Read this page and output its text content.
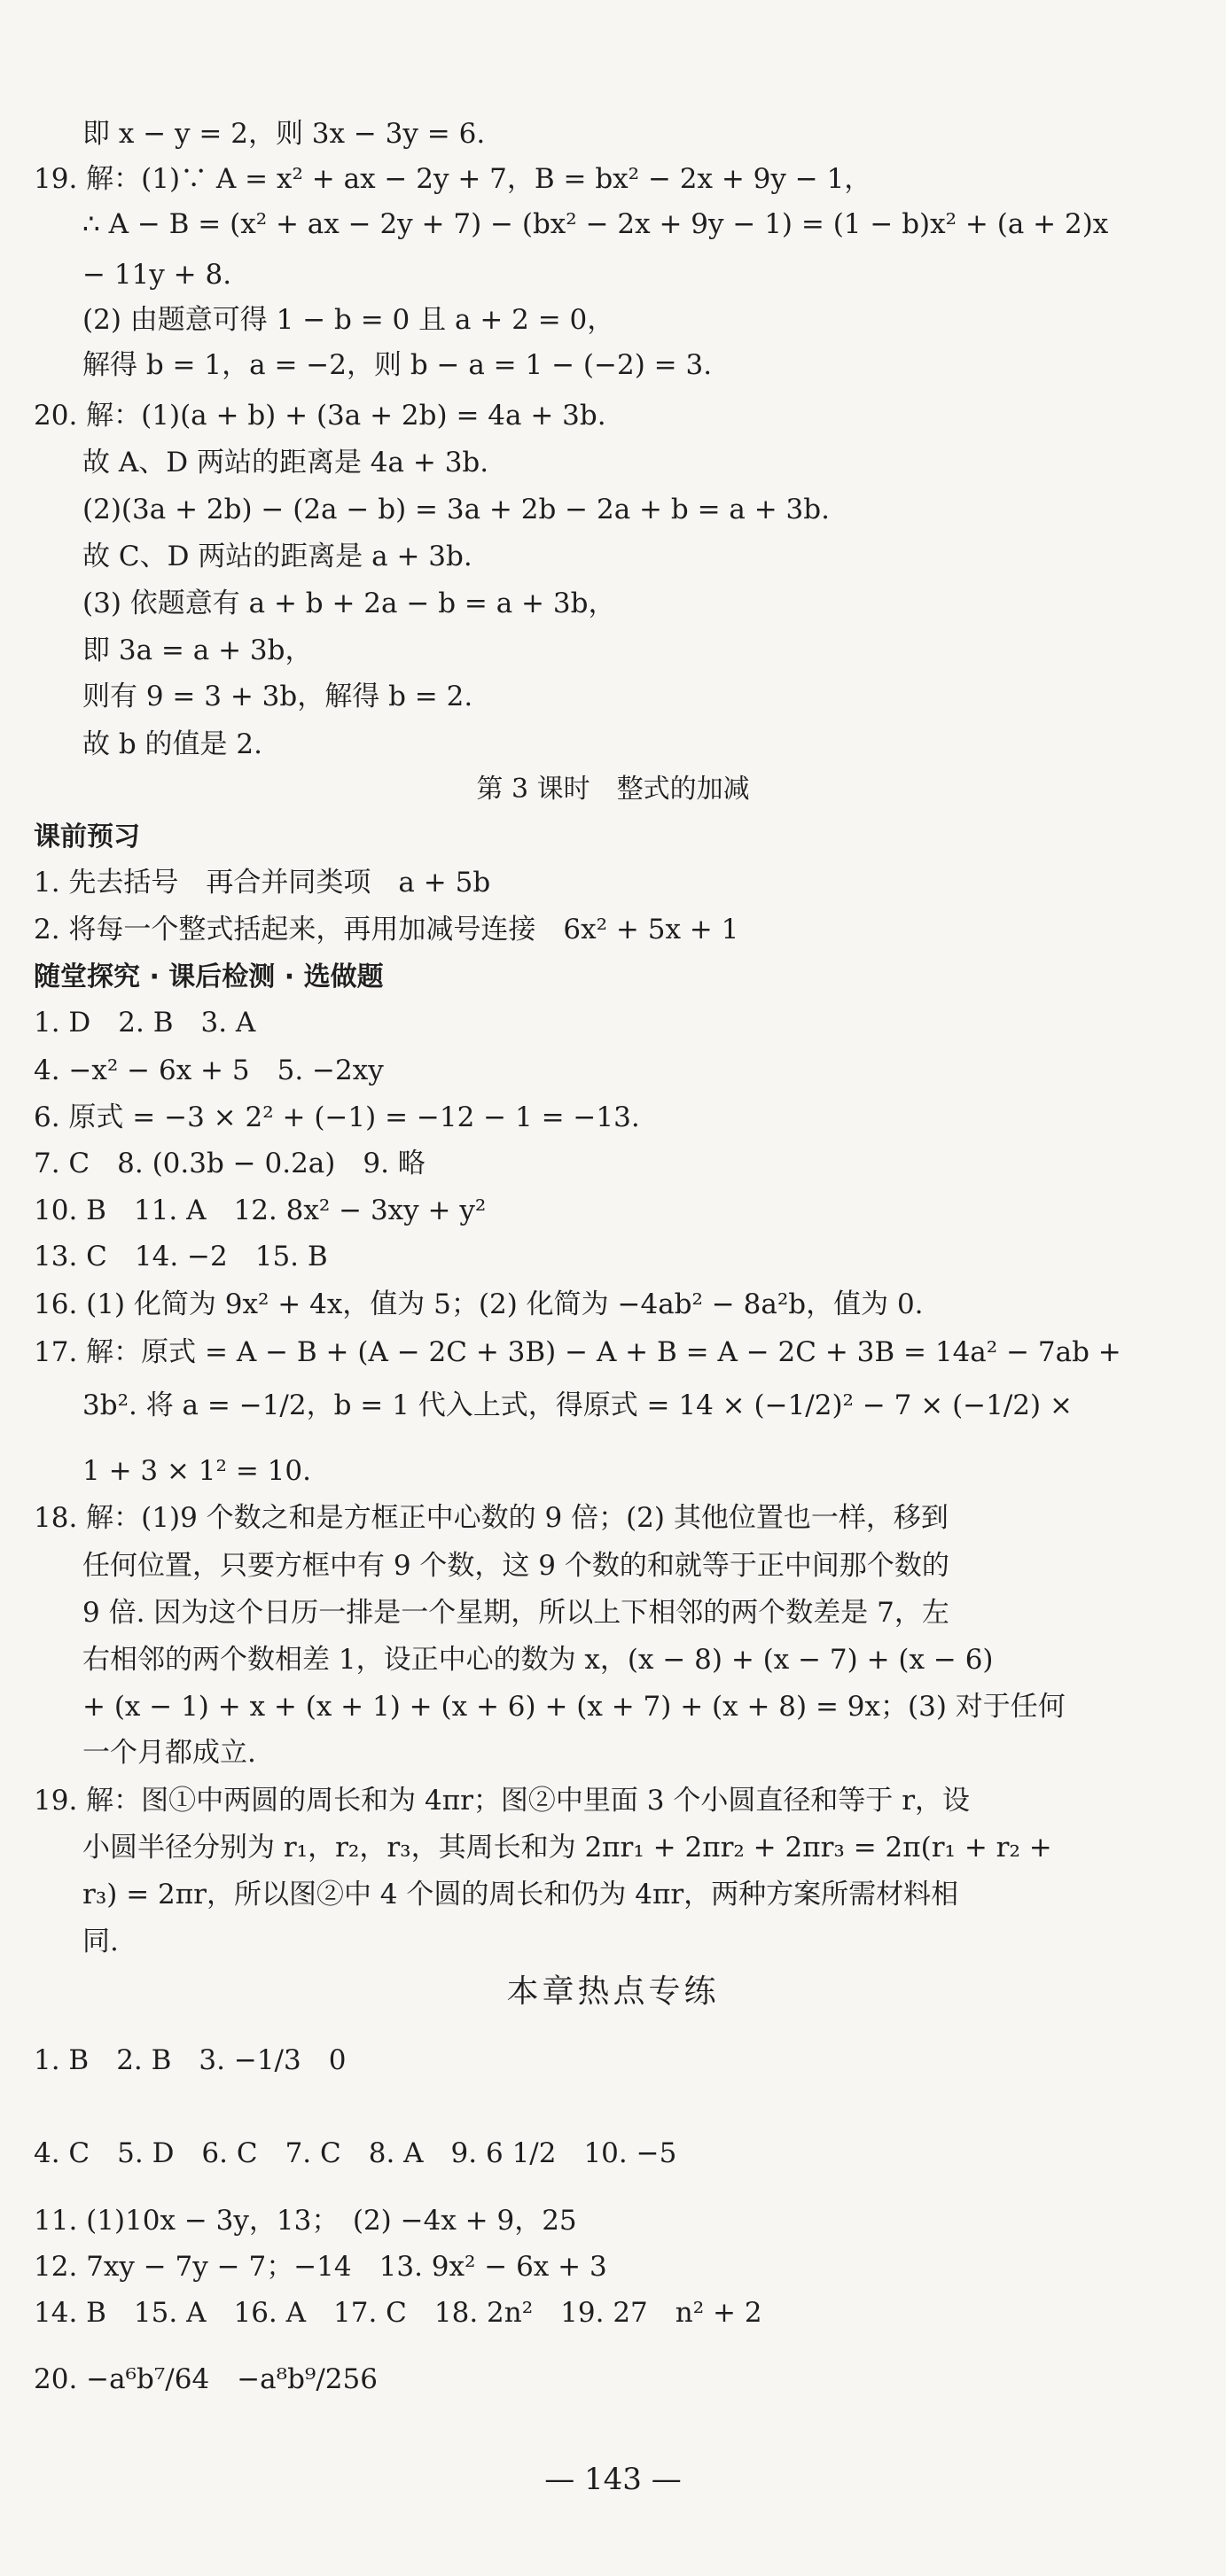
即 x − y = 2，则 3x − 3y = 6.
19. 解：(1)∵ A = x² + ax − 2y + 7，B = bx² − 2x + 9y − 1，
∴ A − B = (x² + ax − 2y + 7) − (bx² − 2x + 9y − 1) = (1 − b)x² + (a + 2)x
− 11y + 8.
(2) 由题意可得 1 − b = 0 且 a + 2 = 0，
解得 b = 1，a = −2，则 b − a = 1 − (−2) = 3.
20. 解：(1)(a + b) + (3a + 2b) = 4a + 3b.
故 A、D 两站的距离是 4a + 3b.
(2)(3a + 2b) − (2a − b) = 3a + 2b − 2a + b = a + 3b.
故 C、D 两站的距离是 a + 3b.
(3) 依题意有 a + b + 2a − b = a + 3b，
即 3a = a + 3b，
则有 9 = 3 + 3b，解得 b = 2.
故 b 的值是 2.
第 3 课时　整式的加减
课前预习
1. 先去括号　再合并同类项　a + 5b
2. 将每一个整式括起来，再用加减号连接　6x² + 5x + 1
随堂探究 · 课后检测 · 选做题
1. D　2. B　3. A
4. −x² − 6x + 5　5. −2xy
6. 原式 = −3 × 2² + (−1) = −12 − 1 = −13.
7. C　8. (0.3b − 0.2a)　9. 略
10. B　11. A　12. 8x² − 3xy + y²
13. C　14. −2　15. B
16. (1) 化简为 9x² + 4x，值为 5；(2) 化简为 −4ab² − 8a²b，值为 0.
17. 解：原式 = A − B + (A − 2C + 3B) − A + B = A − 2C + 3B = 14a² − 7ab +
3b². 将 a = −1/2，b = 1 代入上式，得原式 = 14 × (−1/2)² − 7 × (−1/2) ×
1 + 3 × 1² = 10.
18. 解：(1)9 个数之和是方框正中心数的 9 倍；(2) 其他位置也一样，移到
任何位置，只要方框中有 9 个数，这 9 个数的和就等于正中间那个数的
9 倍. 因为这个日历一排是一个星期，所以上下相邻的两个数差是 7，左
右相邻的两个数相差 1，设正中心的数为 x，(x − 8) + (x − 7) + (x − 6)
+ (x − 1) + x + (x + 1) + (x + 6) + (x + 7) + (x + 8) = 9x；(3) 对于任何
一个月都成立.
19. 解：图①中两圆的周长和为 4πr；图②中里面 3 个小圆直径和等于 r，设
小圆半径分别为 r₁，r₂，r₃，其周长和为 2πr₁ + 2πr₂ + 2πr₃ = 2π(r₁ + r₂ +
r₃) = 2πr，所以图②中 4 个圆的周长和仍为 4πr，两种方案所需材料相
同.
本章热点专练
1. B　2. B　3. −1/3　0
4. C　5. D　6. C　7. C　8. A　9. 6 1/2　10. −5
11. (1)10x − 3y，13；　(2) −4x + 9，25
12. 7xy − 7y − 7；−14　13. 9x² − 6x + 3
14. B　15. A　16. A　17. C　18. 2n²　19. 27　n² + 2
20. −a⁶b⁷/64　−a⁸b⁹/256
— 143 —
